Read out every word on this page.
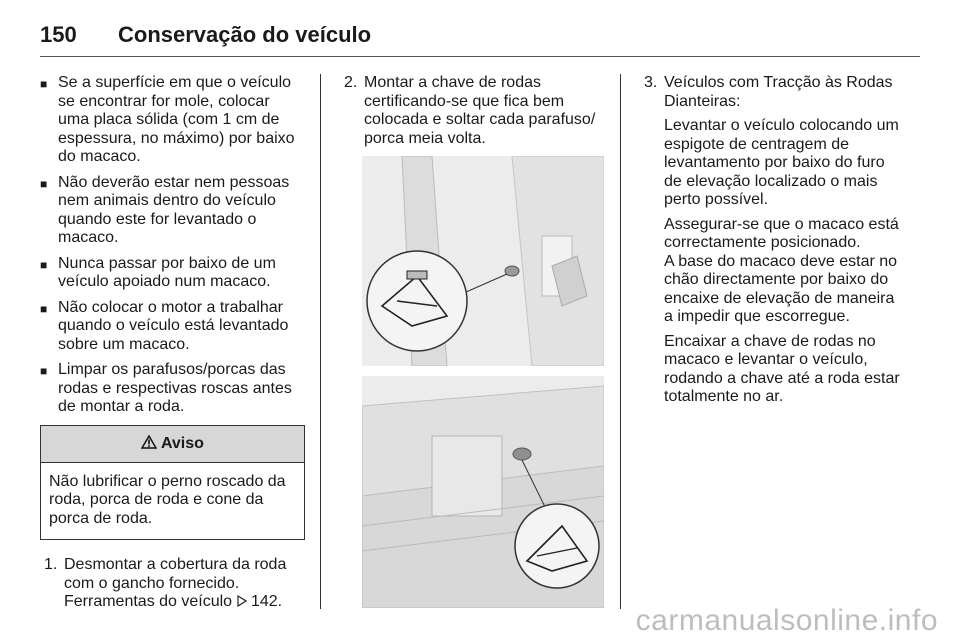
150 Conservação do veículo
■ Se a superfície em que o veículo se encontrar for mole, colocar uma placa sólida (com 1 cm de espessura, no máximo) por baixo do macaco.
■ Não deverão estar nem pessoas nem animais dentro do veículo quando este for levantado o macaco.
■ Nunca passar por baixo de um veículo apoiado num macaco.
■ Não colocar o motor a trabalhar quando o veículo está levantado sobre um macaco.
■ Limpar os parafusos/porcas das rodas e respectivas roscas antes de montar a roda.
Aviso
Não lubrificar o perno roscado da roda, porca de roda e cone da porca de roda.
1. Desmontar a cobertura da roda com o gancho fornecido. Ferramentas do veículo 142.
2. Montar a chave de rodas certificando-se que fica bem colocada e soltar cada parafuso/ porca meia volta.
3. Veículos com Tracção às Rodas Dianteiras:
Levantar o veículo colocando um espigote de centragem de levantamento por baixo do furo de elevação localizado o mais perto possível.
Assegurar-se que o macaco está correctamente posicionado.
A base do macaco deve estar no chão directamente por baixo do encaixe de elevação de maneira a impedir que escorregue.
Encaixar a chave de rodas no macaco e levantar o veículo, rodando a chave até a roda estar totalmente no ar.
carmanualsonline.info
